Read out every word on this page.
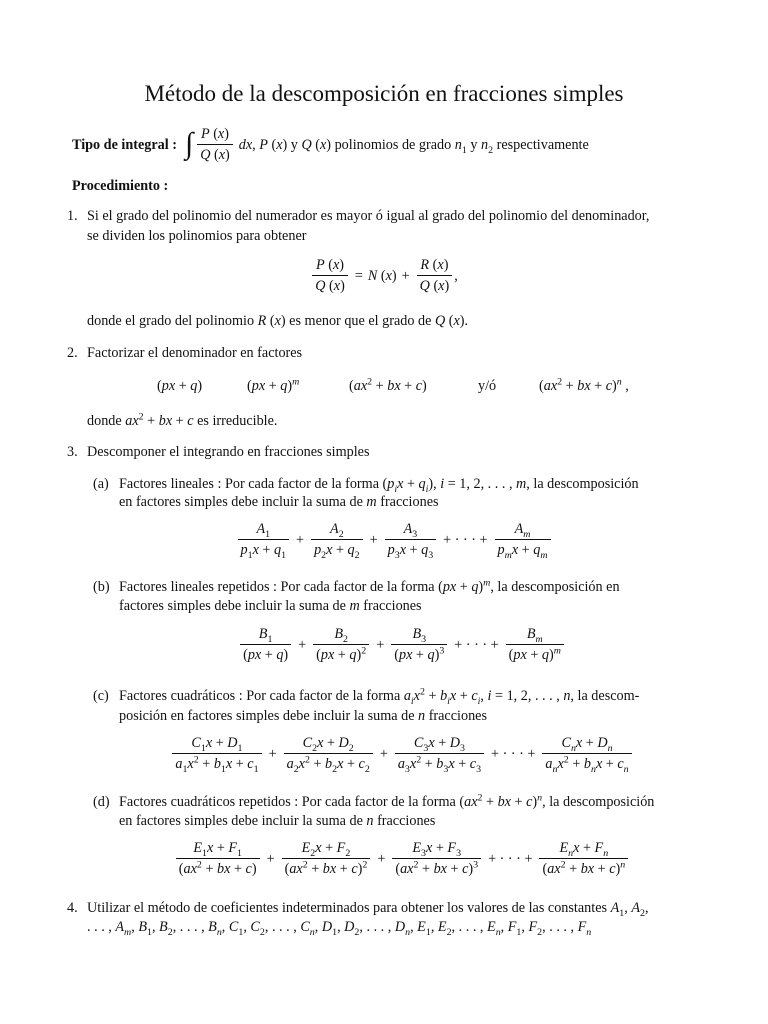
Método de la descomposición en fracciones simples
Tipo de integral : ∫ $\frac{P (x)}{Q (x)}$ dx, P (x) y Q (x) polinomios de grado $n_1$ y $n_2$ respectivamente
Procedimiento :
1. Si el grado del polinomio del numerador es mayor ó igual al grado del polinomio del denominador,
se dividen los polinomios para obtener
$\frac{P (x)}{Q (x)} = N$ $(x) + \frac{R (x)}{Q (x)}$ ,
donde el grado del polinomio R (x) es menor que el grado de Q (x).
2. Factorizar el denominador en factores
(px + q)	(px + q)$^m$	($ax^2$ + bx + c)	y/ó	($ax^2$ + bx + c)$^n$ ,
donde $ax^2$ + bx + c es irreducible.
3. Descomponer el integrando en fracciones simples
(a) Factores lineales : Por cada factor de la forma $(p_ix + q_i)$, i = 1, 2, . . . , m, la descomposición
en factores simples debe incluir la suma de m fracciones
$\frac{A_1}{p_1x + q_1} + \frac{A_2}{p_2x + q_2} + \frac{A_3}{p_3x + q_3}$ + · · · + $\frac{A_m}{p_mx + q_m}$
(b) Factores lineales repetidos : Por cada factor de la forma (px + q)$^m$, la descomposición en
factores simples debe incluir la suma de m fracciones
$\frac{B_1}{(px + q)} + \frac{B_2}{(px + q)^2} + \frac{B_3}{(px + q)^3}$ + · · · + $\frac{B_m}{(px + q)^m}$
(c) Factores cuadráticos : Por cada factor de la forma $a_ix^2 + b_ix + c_i$, i = 1, 2, . . . , n, la descom-
posición en factores simples debe incluir la suma de n fracciones
$\frac{C_1x + D_1}{a_1x^2 + b_1x + c_1} + \frac{C_2x + D_2}{a_2x^2 + b_2x + c_2} + \frac{C_3x + D_3}{a_3x^2 + b_3x + c_3}$ + · · · + $\frac{C_nx + D_n}{a_nx^2 + b_nx + c_n}$
(d) Factores cuadráticos repetidos : Por cada factor de la forma ($ax^2$ + bx + c)$^n$, la descomposición
en factores simples debe incluir la suma de n fracciones
$\frac{E_1x + F_1}{(ax^2 + bx + c)} + \frac{E_2x + F_2}{(ax^2 + bx + c)^2} + \frac{E_3x + F_3}{(ax^2 + bx + c)^3}$ + · · · + $\frac{E_nx + F_n}{(ax^2 + bx + c)^n}$
4. Utilizar el método de coeficientes indeterminados para obtener los valores de las constantes $A_1$, $A_2$,
. . . , $A_m$, $B_1$, $B_2$, . . . , $B_n$, $C_1$, $C_2$, . . . , $C_n$, $D_1$, $D_2$, . . . , $D_n$, $E_1$, $E_2$, . . . , $E_n$, $F_1$, $F_2$, . . . , $F_n$
